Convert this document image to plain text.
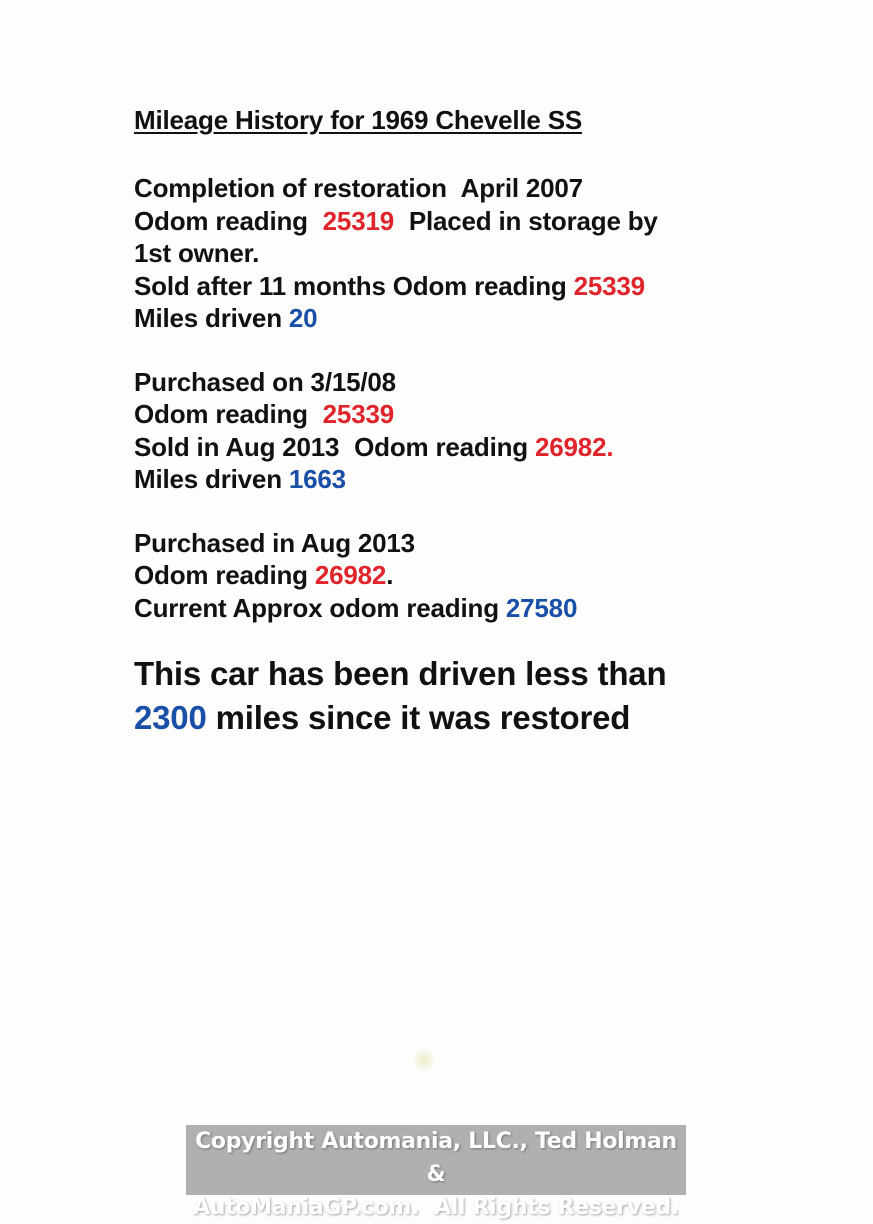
Mileage History for 1969 Chevelle SS
Completion of restoration April 2007
Odom reading 25319 Placed in storage by
1st owner.
Sold after 11 months Odom reading 25339
Miles driven 20
Purchased on 3/15/08
Odom reading 25339
Sold in Aug 2013 Odom reading 26982.
Miles driven 1663
Purchased in Aug 2013
Odom reading 26982.
Current Approx odom reading 27580
This car has been driven less than
2300 miles since it was restored
Copyright Automania, LLC., Ted Holman &
AutoManiaGP.com.  All Rights Reserved.
